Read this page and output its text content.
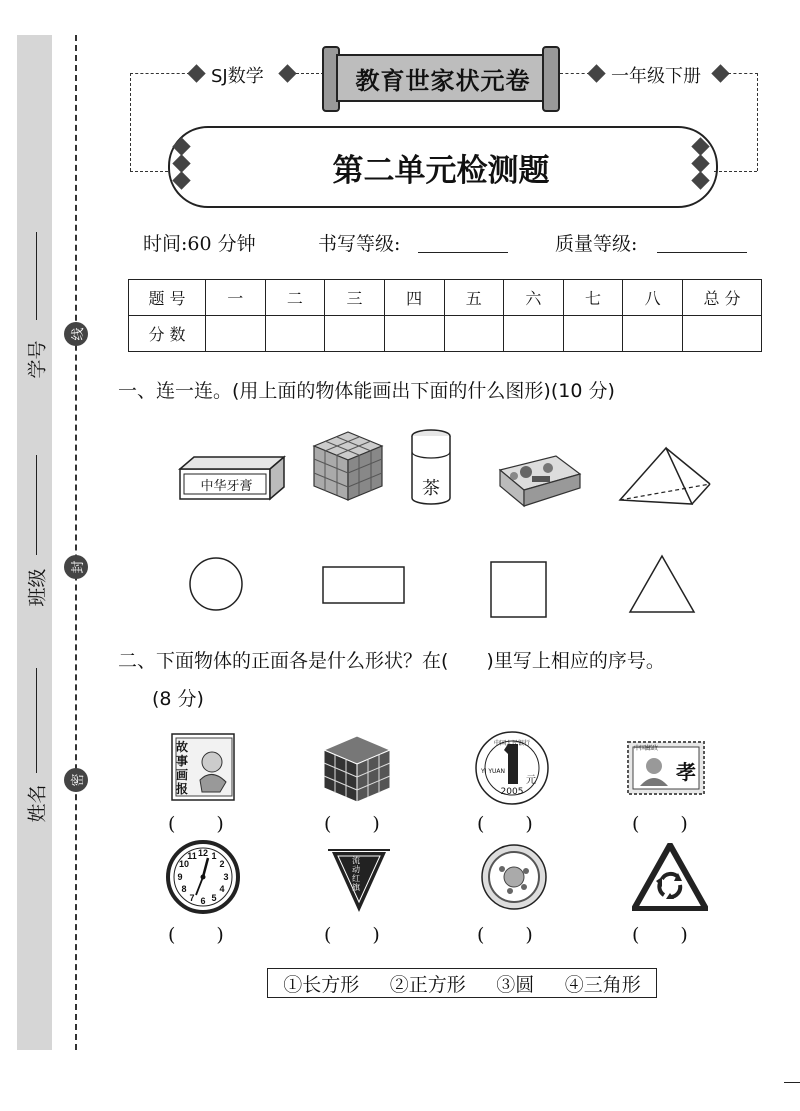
线
封
密
学号
班级
姓名
SJ数学	教育世家状元卷	一年级下册
第二单元检测题
时间:60 分钟	书写等级:	质量等级:
题 号	一	二	三	四	五	六	七	八	总 分
分 数									
一、连一连。(用上面的物体能画出下面的什么图形)(10 分)
中华牙膏	茶
二、下面物体的正面各是什么形状？在(　　)里写上相应的序号。
(8 分)
故事画报
中国人民银行
YI YUAN
元
2005
中国邮政
孝
(　　)	(　　)	(　　)	(　　)
12 1
2
3
4
5
6
7
8
9
10
11	流动红旗
(　　)	(　　)	(　　)	(　　)
①长方形 ②正方形 ③圆 ④三角形
